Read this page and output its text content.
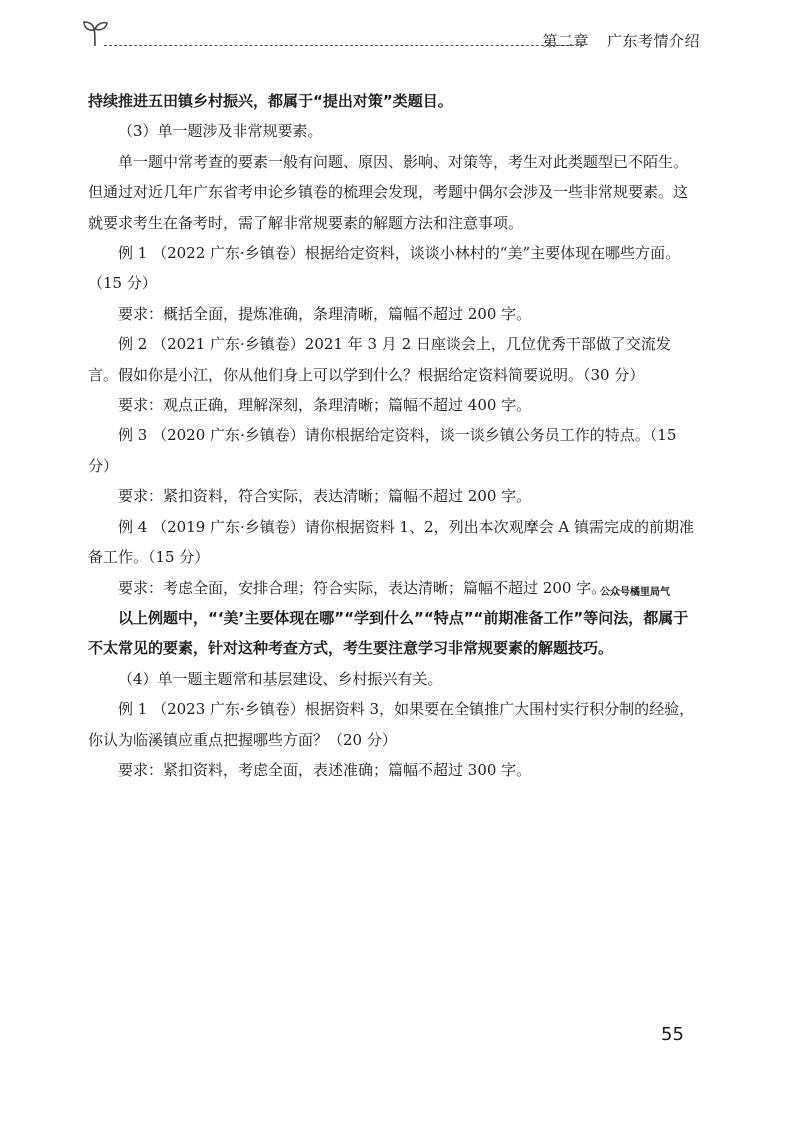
第二章 广东考情介绍

持续推进五田镇乡村振兴，都属于“提出对策”类题目。

（3）单一题涉及非常规要素。

单一题中常考查的要素一般有问题、原因、影响、对策等，考生对此类题型已不陌生。但通过对近几年广东省考申论乡镇卷的梳理会发现，考题中偶尔会涉及一些非常规要素。这就要求考生在备考时，需了解非常规要素的解题方法和注意事项。

例 1 （2022 广东·乡镇卷）根据给定资料，谈谈小林村的“美”主要体现在哪些方面。（15 分）

要求：概括全面，提炼准确，条理清晰，篇幅不超过 200 字。

例 2 （2021 广东·乡镇卷）2021 年 3 月 2 日座谈会上，几位优秀干部做了交流发言。假如你是小江，你从他们身上可以学到什么？根据给定资料简要说明。（30 分）

要求：观点正确，理解深刻，条理清晰；篇幅不超过 400 字。

例 3 （2020 广东·乡镇卷）请你根据给定资料，谈一谈乡镇公务员工作的特点。（15 分）

要求：紧扣资料，符合实际，表达清晰；篇幅不超过 200 字。

例 4 （2019 广东·乡镇卷）请你根据资料 1、2，列出本次观摩会 A 镇需完成的前期准备工作。（15 分）

要求：考虑全面，安排合理；符合实际，表达清晰；篇幅不超过 200 字。

以上例题中，“‘美’主要体现在哪”“学到什么”“特点”“前期准备工作”等问法，都属于不太常见的要素，针对这种考查方式，考生要注意学习非常规要素的解题技巧。

（4）单一题主题常和基层建设、乡村振兴有关。

例 1 （2023 广东·乡镇卷）根据资料 3，如果要在全镇推广大围村实行积分制的经验，你认为临溪镇应重点把握哪些方面？（20 分）

要求：紧扣资料，考虑全面，表述准确；篇幅不超过 300 字。

公众号橘里局气
55
